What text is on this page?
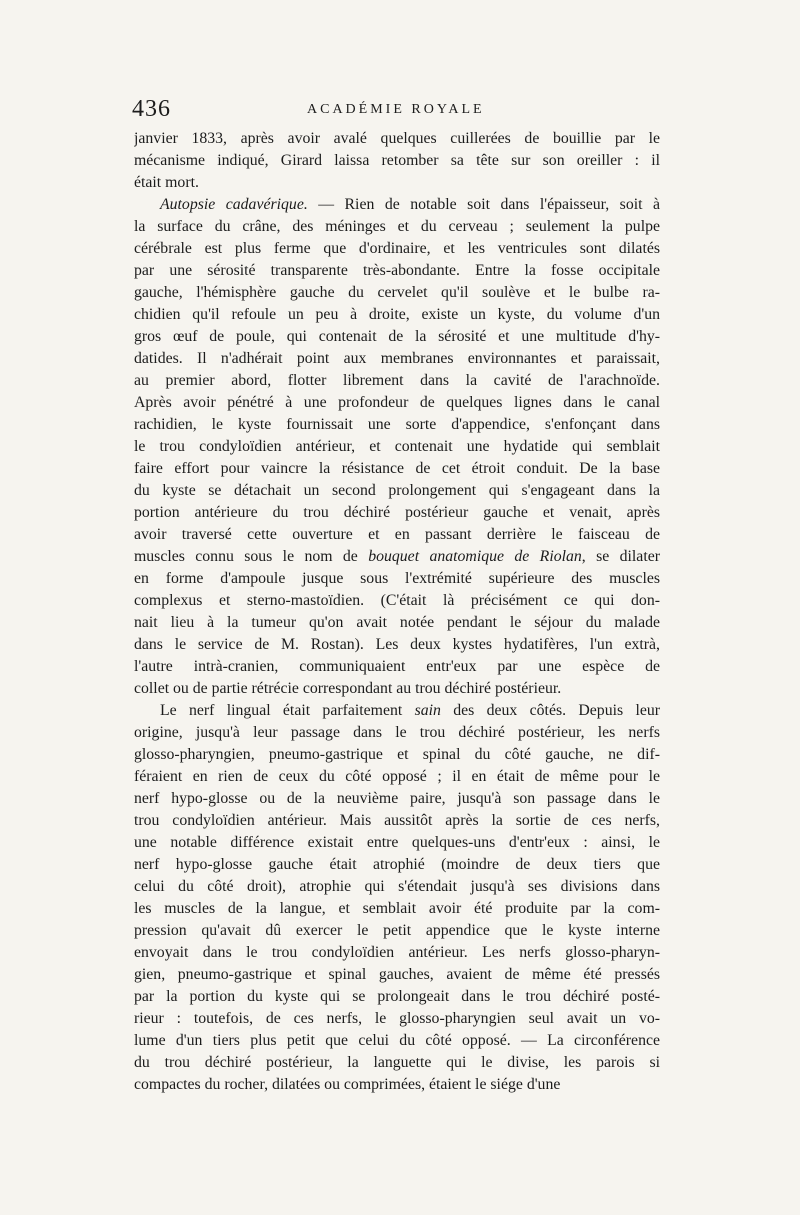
436	ACADÉMIE ROYALE
janvier 1833, après avoir avalé quelques cuillerées de bouillie par le
mécanisme indiqué, Girard laissa retomber sa tête sur son oreiller : il
était mort.
Autopsie cadavérique. — Rien de notable soit dans l'épaisseur, soit à
la surface du crâne, des méninges et du cerveau ; seulement la pulpe
cérébrale est plus ferme que d'ordinaire, et les ventricules sont dilatés
par une sérosité transparente très-abondante. Entre la fosse occipitale
gauche, l'hémisphère gauche du cervelet qu'il soulève et le bulbe ra-
chidien qu'il refoule un peu à droite, existe un kyste, du volume d'un
gros œuf de poule, qui contenait de la sérosité et une multitude d'hy-
datides. Il n'adhérait point aux membranes environnantes et paraissait,
au premier abord, flotter librement dans la cavité de l'arachnoïde.
Après avoir pénétré à une profondeur de quelques lignes dans le canal
rachidien, le kyste fournissait une sorte d'appendice, s'enfonçant dans
le trou condyloïdien antérieur, et contenait une hydatide qui semblait
faire effort pour vaincre la résistance de cet étroit conduit. De la base
du kyste se détachait un second prolongement qui s'engageant dans la
portion antérieure du trou déchiré postérieur gauche et venait, après
avoir traversé cette ouverture et en passant derrière le faisceau de
muscles connu sous le nom de bouquet anatomique de Riolan, se dilater
en forme d'ampoule jusque sous l'extrémité supérieure des muscles
complexus et sterno-mastoïdien. (C'était là précisément ce qui don-
nait lieu à la tumeur qu'on avait notée pendant le séjour du malade
dans le service de M. Rostan). Les deux kystes hydatifères, l'un extrà,
l'autre intrà-cranien, communiquaient entr'eux par une espèce de
collet ou de partie rétrécie correspondant au trou déchiré postérieur.
Le nerf lingual était parfaitement sain des deux côtés. Depuis leur
origine, jusqu'à leur passage dans le trou déchiré postérieur, les nerfs
glosso-pharyngien, pneumo-gastrique et spinal du côté gauche, ne dif-
féraient en rien de ceux du côté opposé ; il en était de même pour le
nerf hypo-glosse ou de la neuvième paire, jusqu'à son passage dans le
trou condyloïdien antérieur. Mais aussitôt après la sortie de ces nerfs,
une notable différence existait entre quelques-uns d'entr'eux : ainsi, le
nerf hypo-glosse gauche était atrophié (moindre de deux tiers que
celui du côté droit), atrophie qui s'étendait jusqu'à ses divisions dans
les muscles de la langue, et semblait avoir été produite par la com-
pression qu'avait dû exercer le petit appendice que le kyste interne
envoyait dans le trou condyloïdien antérieur. Les nerfs glosso-pharyn-
gien, pneumo-gastrique et spinal gauches, avaient de même été pressés
par la portion du kyste qui se prolongeait dans le trou déchiré posté-
rieur : toutefois, de ces nerfs, le glosso-pharyngien seul avait un vo-
lume d'un tiers plus petit que celui du côté opposé. — La circonférence
du trou déchiré postérieur, la languette qui le divise, les parois si
compactes du rocher, dilatées ou comprimées, étaient le siége d'une
